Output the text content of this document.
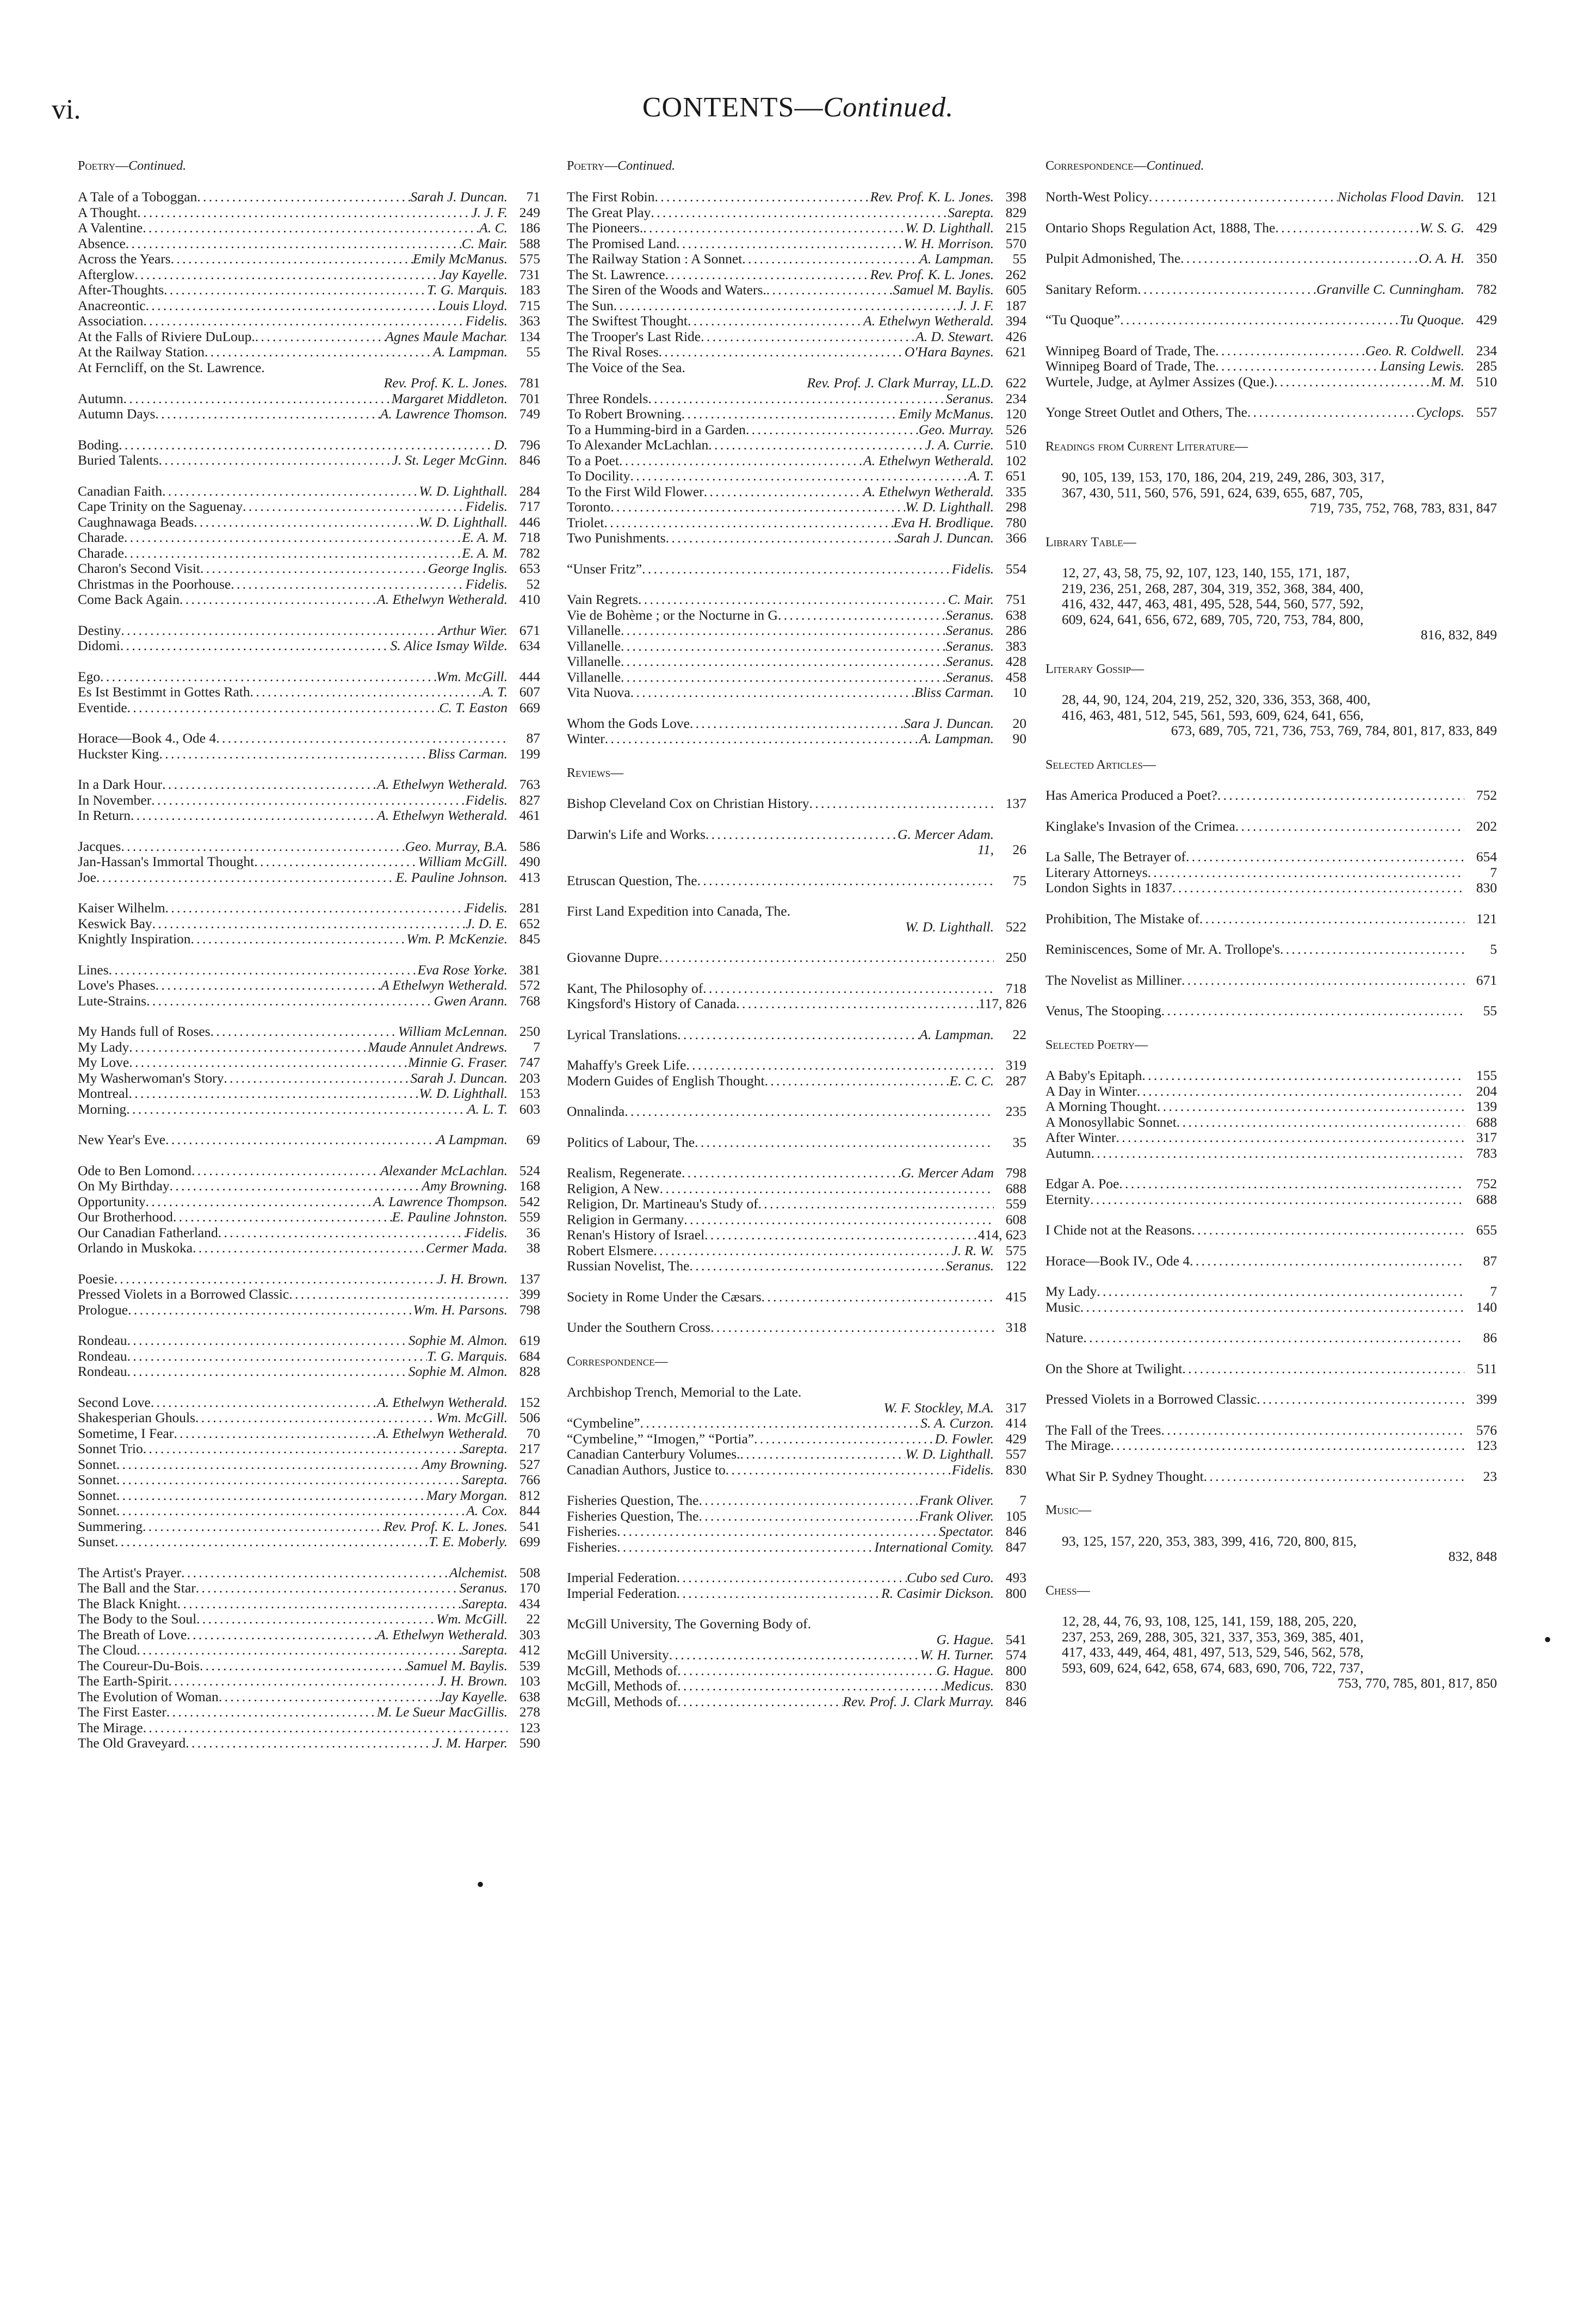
vi.	CONTENTS—Continued.
Poetry—Continued.
A Tale of a Toboggan . . .	Sarah J. Duncan.	71
A Thought . . .	J. J. F. 249
A Valentine . . .	A. C. 186
Absence . . .	C. Mair. 588
Across the Years . . .	Emily McManus. 575
Afterglow . . .	Jay Kayelle. 731
After-Thoughts . . .	T. G. Marquis. 183
Anacreontic . . .	Louis Lloyd. 715
Association . . .	Fidelis. 363
At the Falls of Riviere DuLoup. . . .	Agnes Maule Machar. 134
At the Railway Station . . .	A. Lampman.	55
At Ferncliff, on the St. Lawrence.
Rev. Prof. K. L. Jones. 781
Autumn . . .	Margaret Middleton. 701
Autumn Days . . .	A. Lawrence Thomson. 749
Boding . . .	D. 796
Buried Talents . . .	J. St. Leger McGinn. 846
Canadian Faith . . .	W. D. Lighthall. 284
Cape Trinity on the Saguenay . . .	Fidelis. 717
Caughnawaga Beads . . .	W. D. Lighthall. 446
Charade . . .	E. A. M. 718
Charade . . .	E. A. M. 782
Charon's Second Visit . . .	George Inglis. 653
Christmas in the Poorhouse . . .	Fidelis.	52
Come Back Again . . .	A. Ethelwyn Wetherald. 410
Destiny . . .	Arthur Wier. 671
Didomi . . .	S. Alice Ismay Wilde. 634
Ego . . .	Wm. McGill. 444
Es Ist Bestimmt in Gottes Rath . . .	A. T. 607
Eventide . . .	C. T. Easton 669
Horace—Book 4., Ode 4 . . .	87
Huckster King . . .	Bliss Carman. 199
In a Dark Hour . . .	A. Ethelwyn Wetherald. 763
In November . . .	Fidelis. 827
In Return . . .	A. Ethelwyn Wetherald. 461
Jacques . . .	Geo. Murray, B.A. 586
Jan-Hassan's Immortal Thought . . .	William McGill. 490
Joe . . .	E. Pauline Johnson. 413
Kaiser Wilhelm . . .	Fidelis. 281
Keswick Bay . . .	J. D. E. 652
Knightly Inspiration . . .	Wm. P. McKenzie. 845
Lines . . .	Eva Rose Yorke. 381
Love's Phases . . .	A Ethelwyn Wetherald. 572
Lute-Strains . . .	Gwen Arann. 768
My Hands full of Roses . . .	William McLennan. 250
My Lady . . .	Maude Annulet Andrews.	7
My Love . . .	Minnie G. Fraser. 747
My Washerwoman's Story . . .	Sarah J. Duncan. 203
Montreal . . .	W. D. Lighthall. 153
Morning . . .	A. L. T. 603
New Year's Eve . . .	A Lampman.	69
Ode to Ben Lomond . . .	Alexander McLachlan. 524
On My Birthday . . .	Amy Browning. 168
Opportunity . . .	A. Lawrence Thompson. 542
Our Brotherhood . . .	E. Pauline Johnston. 559
Our Canadian Fatherland . . .	Fidelis.	36
Orlando in Muskoka . . .	Cermer Mada.	38
Poesie . . .	J. H. Brown. 137
Pressed Violets in a Borrowed Classic . . .	399
Prologue . . .	Wm. H. Parsons. 798
Rondeau . . .	Sophie M. Almon. 619
Rondeau . . .	T. G. Marquis. 684
Rondeau . . .	Sophie M. Almon. 828
Second Love . . .	A. Ethelwyn Wetherald. 152
Shakesperian Ghouls . . .	Wm. McGill. 506
Sometime, I Fear . . .	A. Ethelwyn Wetherald.	70
Sonnet Trio . . .	Sarepta. 217
Sonnet . . .	Amy Browning. 527
Sonnet . . .	Sarepta. 766
Sonnet . . .	Mary Morgan. 812
Sonnet . . .	A. Cox. 844
Summering . . .	Rev. Prof. K. L. Jones. 541
Sunset . . .	T. E. Moberly. 699
The Artist's Prayer . . .	Alchemist. 508
The Ball and the Star . . .	Seranus. 170
The Black Knight . . .	Sarepta. 434
The Body to the Soul . . .	Wm. McGill.	22
The Breath of Love . . .	A. Ethelwyn Wetherald. 303
The Cloud . . .	Sarepta. 412
The Coureur-Du-Bois . . .	Samuel M. Baylis. 539
The Earth-Spirit . . .	J. H. Brown. 103
The Evolution of Woman . . .	Jay Kayelle. 638
The First Easter . . .	M. Le Sueur MacGillis. 278
The Mirage . . .	123
The Old Graveyard . . .	J. M. Harper. 590
Poetry—Continued.
The First Robin . . .	Rev. Prof. K. L. Jones. 398
The Great Play . . .	Sarepta. 829
The Pioneers. . . .	W. D. Lighthall. 215
The Promised Land . . .	W. H. Morrison. 570
The Railway Station : A Sonnet . . .	A. Lampman.	55
The St. Lawrence . . .	Rev. Prof. K. L. Jones. 262
The Siren of the Woods and Waters. . . .	Samuel M. Baylis. 605
The Sun . . .	J. J. F. 187
The Swiftest Thought . . .	A. Ethelwyn Wetherald. 394
The Trooper's Last Ride . . .	A. D. Stewart. 426
The Rival Roses . . .	O'Hara Baynes. 621
The Voice of the Sea.
Rev. Prof. J. Clark Murray, LL.D. 622
Three Rondels . . .	Seranus. 234
To Robert Browning . . .	Emily McManus. 120
To a Humming-bird in a Garden . . .	Geo. Murray. 526
To Alexander McLachlan . . .	J. A. Currie. 510
To a Poet . . .	A. Ethelwyn Wetherald. 102
To Docility . . .	A. T. 651
To the First Wild Flower . . .	A. Ethelwyn Wetherald. 335
Toronto . . .	W. D. Lighthall. 298
Triolet . . .	Eva H. Brodlique. 780
Two Punishments . . .	Sarah J. Duncan. 366
“Unser Fritz” . . .	Fidelis. 554
Vain Regrets . . .	C. Mair. 751
Vie de Bohème ; or the Nocturne in G . . .	Seranus. 638
Villanelle . . .	Seranus. 286
Villanelle . . .	Seranus. 383
Villanelle . . .	Seranus. 428
Villanelle . . .	Seranus. 458
Vita Nuova . . .	Bliss Carman.	10
Whom the Gods Love . . .	Sara J. Duncan.	20
Winter . . .	A. Lampman.	90
Reviews—
Bishop Cleveland Cox on Christian History . . .	137
Darwin's Life and Works . . .	G. Mercer Adam.
11,	26
Etruscan Question, The . . .	75
First Land Expedition into Canada, The.
W. D. Lighthall. 522
Giovanne Dupre . . .	250
Kant, The Philosophy of . . .	718
Kingsford's History of Canada . . .	117, 826
Lyrical Translations . . .	A. Lampman.	22
Mahaffy's Greek Life . . .	319
Modern Guides of English Thought . . .	E. C. C. 287
Onnalinda . . .	235
Politics of Labour, The . . .	35
Realism, Regenerate . . .	G. Mercer Adam 798
Religion, A New . . .	688
Religion, Dr. Martineau's Study of . . .	559
Religion in Germany . . .	608
Renan's History of Israel . . .	414, 623
Robert Elsmere . . .	J. R. W. 575
Russian Novelist, The . . .	Seranus. 122
Society in Rome Under the Cæsars . . .	415
Under the Southern Cross . . .	318
Correspondence—
Archbishop Trench, Memorial to the Late.
W. F. Stockley, M.A. 317
“Cymbeline” . . .	S. A. Curzon. 414
“Cymbeline,” “Imogen,” “Portia” . . .	D. Fowler. 429
Canadian Canterbury Volumes. . . .	W. D. Lighthall. 557
Canadian Authors, Justice to . . .	Fidelis. 830
Fisheries Question, The . . .	Frank Oliver.	7
Fisheries Question, The . . .	Frank Oliver. 105
Fisheries . . .	Spectator. 846
Fisheries . . .	International Comity. 847
Imperial Federation . . .	Cubo sed Curo. 493
Imperial Federation . . .	R. Casimir Dickson. 800
McGill University, The Governing Body of.
G. Hague. 541
McGill University . . .	W. H. Turner. 574
McGill, Methods of . . .	G. Hague. 800
McGill, Methods of . . .	Medicus. 830
McGill, Methods of . . .	Rev. Prof. J. Clark Murray. 846
Correspondence—Continued.
North-West Policy . . .	Nicholas Flood Davin. 121
Ontario Shops Regulation Act, 1888, The . . .	W. S. G. 429
Pulpit Admonished, The . . .	O. A. H. 350
Sanitary Reform . . .	Granville C. Cunningham. 782
“Tu Quoque” . . .	Tu Quoque. 429
Winnipeg Board of Trade, The . . .	Geo. R. Coldwell. 234
Winnipeg Board of Trade, The . . .	Lansing Lewis. 285
Wurtele, Judge, at Aylmer Assizes (Que.) . . .	M. M. 510
Yonge Street Outlet and Others, The . . .	Cyclops. 557
Readings from Current Literature—
90, 105, 139, 153, 170, 186, 204, 219, 249, 286, 303, 317,
367, 430, 511, 560, 576, 591, 624, 639, 655, 687, 705,
719, 735, 752, 768, 783, 831, 847
Library Table—
12, 27, 43, 58, 75, 92, 107, 123, 140, 155, 171, 187,
219, 236, 251, 268, 287, 304, 319, 352, 368, 384, 400,
416, 432, 447, 463, 481, 495, 528, 544, 560, 577, 592,
609, 624, 641, 656, 672, 689, 705, 720, 753, 784, 800,
816, 832, 849
Literary Gossip—
28, 44, 90, 124, 204, 219, 252, 320, 336, 353, 368, 400,
416, 463, 481, 512, 545, 561, 593, 609, 624, 641, 656,
673, 689, 705, 721, 736, 753, 769, 784, 801, 817, 833, 849
Selected Articles—
Has America Produced a Poet? . . .	752
Kinglake's Invasion of the Crimea . . .	202
La Salle, The Betrayer of . . .	654
Literary Attorneys . . .	7
London Sights in 1837 . . .	830
Prohibition, The Mistake of . . .	121
Reminiscences, Some of Mr. A. Trollope's . . .	5
The Novelist as Milliner . . .	671
Venus, The Stooping . . .	55
Selected Poetry—
A Baby's Epitaph . . .	155
A Day in Winter . . .	204
A Morning Thought . . .	139
A Monosyllabic Sonnet . . .	688
After Winter . . .	317
Autumn . . .	783
Edgar A. Poe . . .	752
Eternity . . .	688
I Chide not at the Reasons . . .	655
Horace—Book IV., Ode 4 . . .	87
My Lady . . .	7
Music . . .	140
Nature . . .	86
On the Shore at Twilight . . .	511
Pressed Violets in a Borrowed Classic . . .	399
The Fall of the Trees . . .	576
The Mirage . . .	123
What Sir P. Sydney Thought . . .	23
Music—
93, 125, 157, 220, 353, 383, 399, 416, 720, 800, 815,
832, 848
Chess—
12, 28, 44, 76, 93, 108, 125, 141, 159, 188, 205, 220,
237, 253, 269, 288, 305, 321, 337, 353, 369, 385, 401,
417, 433, 449, 464, 481, 497, 513, 529, 546, 562, 578,
593, 609, 624, 642, 658, 674, 683, 690, 706, 722, 737,
753, 770, 785, 801, 817, 850
•
•
